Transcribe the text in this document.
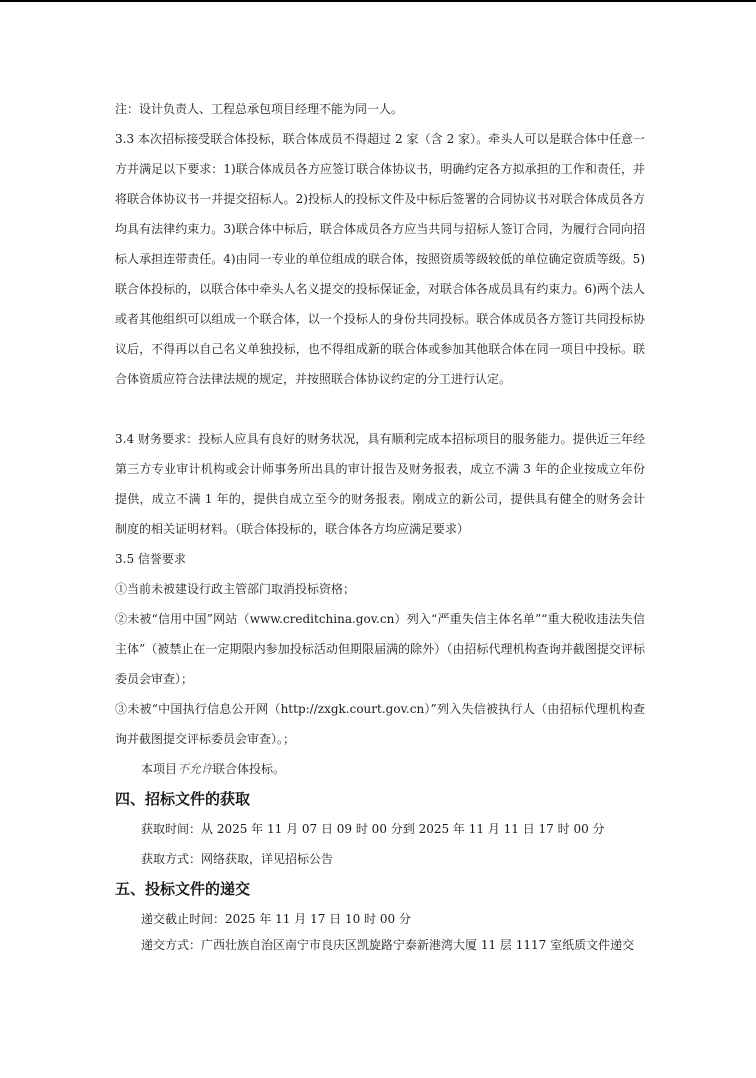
注：设计负责人、工程总承包项目经理不能为同一人。

3.3 本次招标接受联合体投标，联合体成员不得超过 2 家（含 2 家）。牵头人可以是联合体中任意一方并满足以下要求：1)联合体成员各方应签订联合体协议书，明确约定各方拟承担的工作和责任，并将联合体协议书一并提交招标人。2)投标人的投标文件及中标后签署的合同协议书对联合体成员各方均具有法律约束力。3)联合体中标后，联合体成员各方应当共同与招标人签订合同，为履行合同向招标人承担连带责任。4)由同一专业的单位组成的联合体，按照资质等级较低的单位确定资质等级。5)联合体投标的，以联合体中牵头人名义提交的投标保证金，对联合体各成员具有约束力。6)两个法人或者其他组织可以组成一个联合体，以一个投标人的身份共同投标。联合体成员各方签订共同投标协议后，不得再以自己名义单独投标，也不得组成新的联合体或参加其他联合体在同一项目中投标。联合体资质应符合法律法规的规定，并按照联合体协议约定的分工进行认定。

3.4 财务要求：投标人应具有良好的财务状况，具有顺利完成本招标项目的服务能力。提供近三年经第三方专业审计机构或会计师事务所出具的审计报告及财务报表，成立不满 3 年的企业按成立年份提供，成立不满 1 年的，提供自成立至今的财务报表。刚成立的新公司，提供具有健全的财务会计制度的相关证明材料。（联合体投标的，联合体各方均应满足要求）

3.5 信誉要求

①当前未被建设行政主管部门取消投标资格；

②未被“信用中国”网站（www.creditchina.gov.cn）列入“严重失信主体名单”“重大税收违法失信主体”（被禁止在一定期限内参加投标活动但期限届满的除外）（由招标代理机构查询并截图提交评标委员会审查）；

③未被“中国执行信息公开网（http://zxgk.court.gov.cn）”列入失信被执行人（由招标代理机构查询并截图提交评标委员会审查）。；

本项目不允许联合体投标。

四、招标文件的获取

获取时间：从 2025 年 11 月 07 日 09 时 00 分到 2025 年 11 月 11 日 17 时 00 分

获取方式：网络获取，详见招标公告

五、投标文件的递交

递交截止时间：2025 年 11 月 17 日 10 时 00 分

递交方式：广西壮族自治区南宁市良庆区凯旋路宁泰新港湾大厦 11 层 1117 室纸质文件递交
